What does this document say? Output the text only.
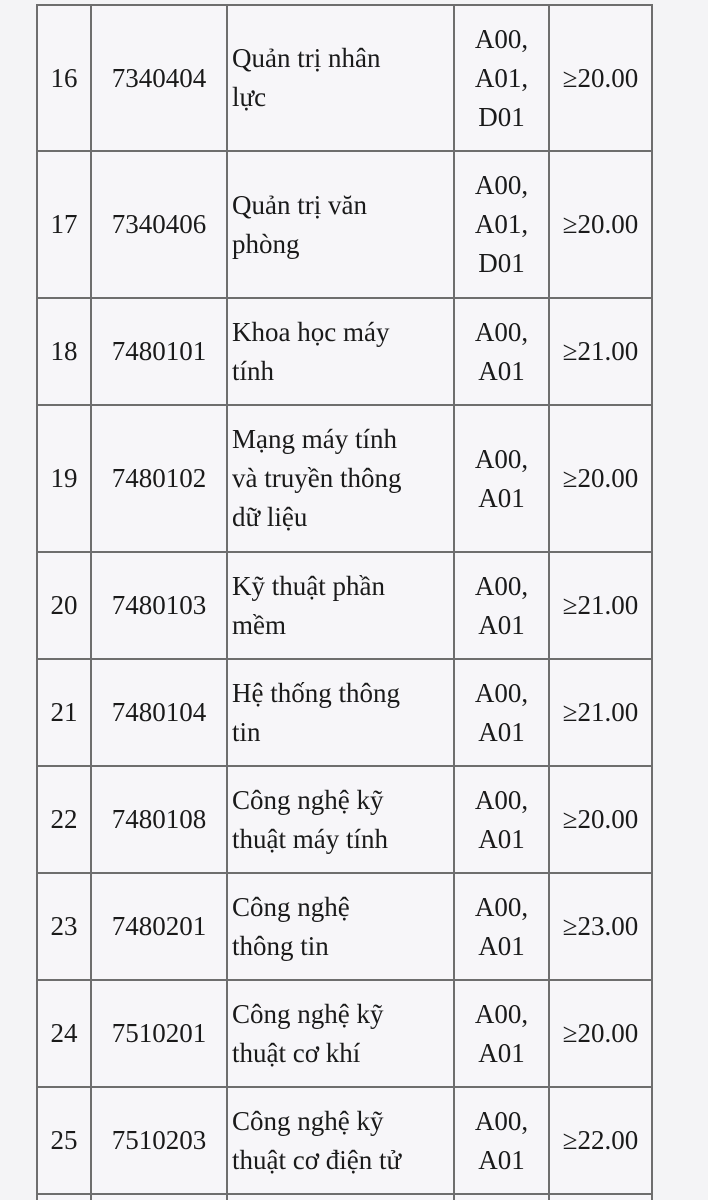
16	7340404	Quản trị nhân
lực	A00,
A01,
D01	≥20.00
17	7340406	Quản trị văn
phòng	A00,
A01,
D01	≥20.00
18	7480101	Khoa học máy
tính	A00,
A01	≥21.00
19	7480102	Mạng máy tính
và truyền thông
dữ liệu	A00,
A01	≥20.00
20	7480103	Kỹ thuật phần
mềm	A00,
A01	≥21.00
21	7480104	Hệ thống thông
tin	A00,
A01	≥21.00
22	7480108	Công nghệ kỹ
thuật máy tính	A00,
A01	≥20.00
23	7480201	Công nghệ
thông tin	A00,
A01	≥23.00
24	7510201	Công nghệ kỹ
thuật cơ khí	A00,
A01	≥20.00
25	7510203	Công nghệ kỹ
thuật cơ điện tử	A00,
A01	≥22.00
